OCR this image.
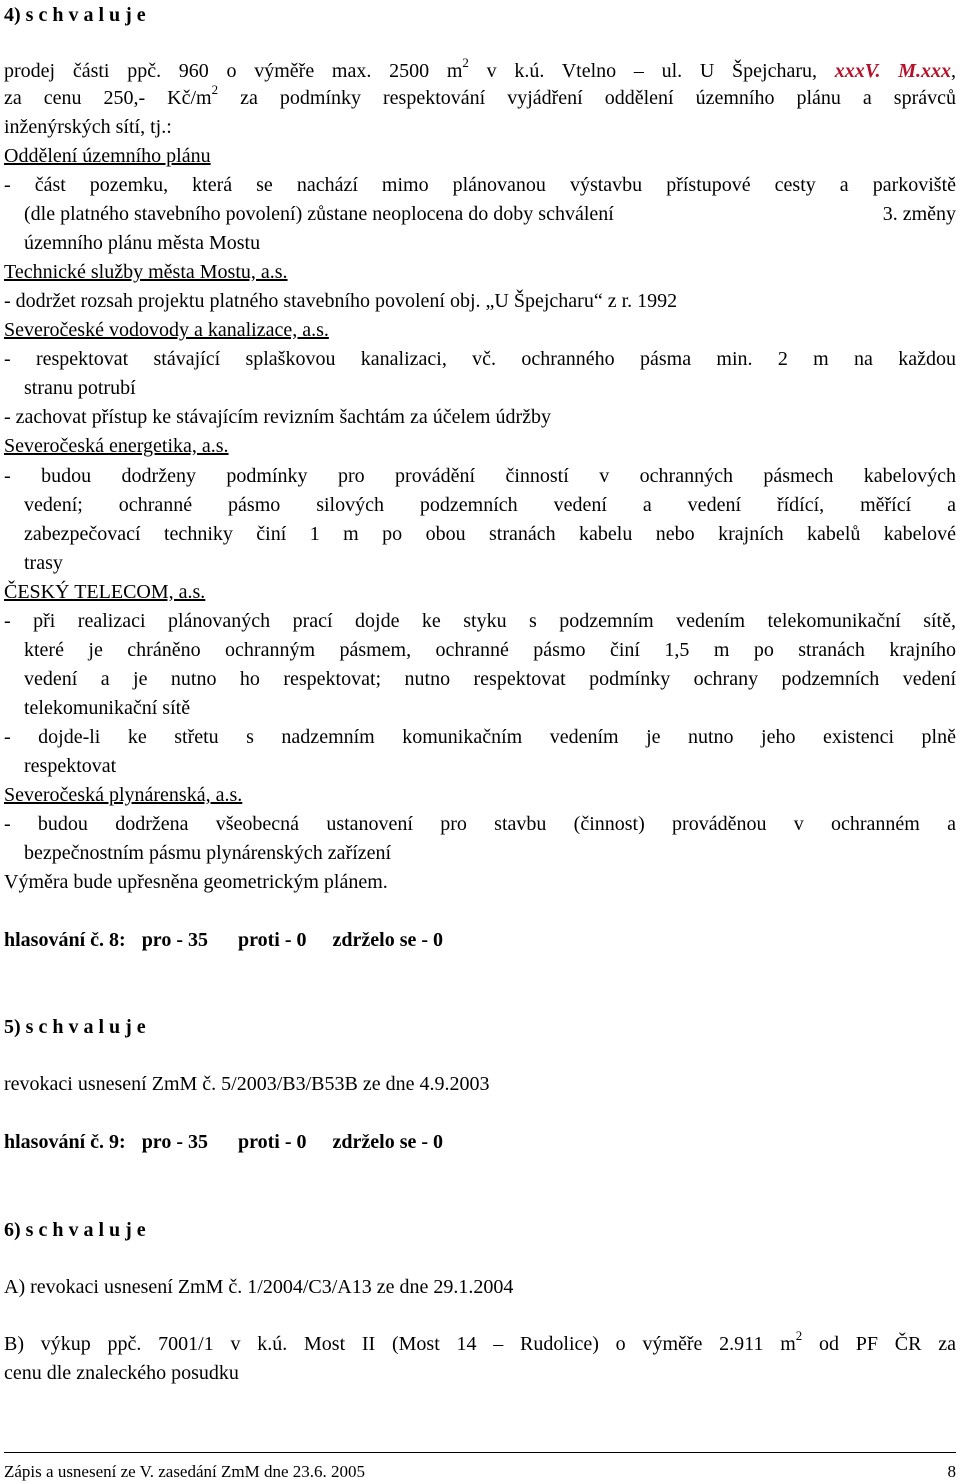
4) s c h v a l u j e
prodej části ppč. 960 o výměře max. 2500 $m^2$ v k.ú. Vtelno – ul. U Špejcharu, xxxV. M.xxx,
za cenu 250,- $Kč/m^2$ za podmínky respektování vyjádření oddělení územního plánu a správců
inženýrských sítí, tj.:
Oddělení územního plánu
- část pozemku, která se nachází mimo plánovanou výstavbu přístupové cesty a parkoviště
(dle platného stavebního povolení) zůstane neoplocena do doby schválení	3. změny
územního plánu města Mostu
Technické služby města Mostu, a.s.
- dodržet rozsah projektu platného stavebního povolení obj. „U Špejcharu“ z r. 1992
Severočeské vodovody a kanalizace, a.s.
- respektovat stávající splaškovou kanalizaci, vč. ochranného pásma min. 2 m na každou
stranu potrubí
- zachovat přístup ke stávajícím revizním šachtám za účelem údržby
Severočeská energetika, a.s.
- budou dodrženy podmínky pro provádění činností v ochranných pásmech kabelových
vedení; ochranné pásmo silových podzemních vedení a vedení řídící, měřící a
zabezpečovací techniky činí 1 m po obou stranách kabelu nebo krajních kabelů kabelové
trasy
ČESKÝ TELECOM, a.s.
- při realizaci plánovaných prací dojde ke styku s podzemním vedením telekomunikační sítě,
které je chráněno ochranným pásmem, ochranné pásmo činí 1,5 m po stranách krajního
vedení a je nutno ho respektovat; nutno respektovat podmínky ochrany podzemních vedení
telekomunikační sítě
- dojde-li ke střetu s nadzemním komunikačním vedením je nutno jeho existenci plně
respektovat
Severočeská plynárenská, a.s.
- budou dodržena všeobecná ustanovení pro stavbu (činnost) prováděnou v ochranném a
bezpečnostním pásmu plynárenských zařízení
Výměra bude upřesněna geometrickým plánem.
hlasování č. 8: pro - 35 proti - 0 zdrželo se - 0
5) s c h v a l u j e
revokaci usnesení ZmM č. 5/2003/B3/B53B ze dne 4.9.2003
hlasování č. 9: pro - 35 proti - 0 zdrželo se - 0
6) s c h v a l u j e
A) revokaci usnesení ZmM č. 1/2004/C3/A13 ze dne 29.1.2004
B) výkup ppč. 7001/1 v k.ú. Most II (Most 14 – Rudolice) o výměře 2.911 $m^2$ od PF ČR za
cenu dle znaleckého posudku
Zápis a usnesení ze V. zasedání ZmM dne 23.6. 2005	8
